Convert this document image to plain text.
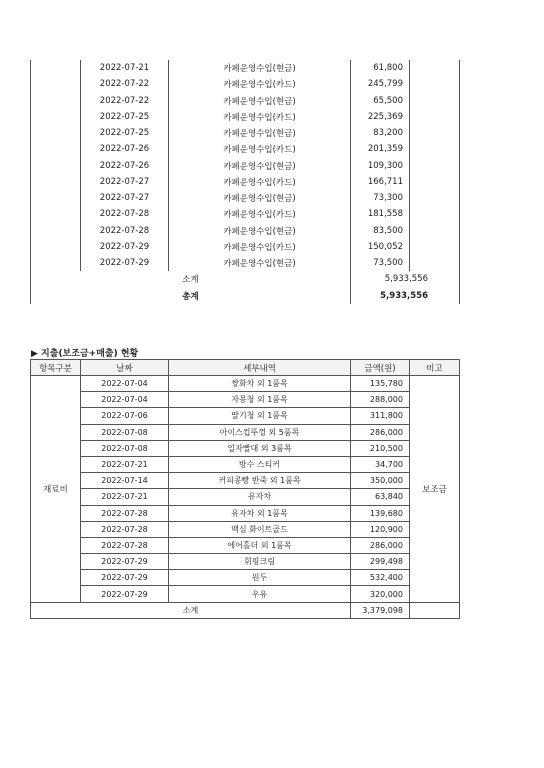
	2022-07-21	카페운영수입(현금)	61,800	
	2022-07-22	카페운영수입(카드)	245,799	
	2022-07-22	카페운영수입(현금)	65,500	
	2022-07-25	카페운영수입(카드)	225,369	
	2022-07-25	카페운영수입(현금)	83,200	
	2022-07-26	카페운영수입(카드)	201,359	
	2022-07-26	카페운영수입(현금)	109,300	
	2022-07-27	카페운영수입(카드)	166,711	
	2022-07-27	카페운영수입(현금)	73,300	
	2022-07-28	카페운영수입(카드)	181,558	
	2022-07-28	카페운영수입(현금)	83,500	
	2022-07-29	카페운영수입(카드)	150,052	
	2022-07-29	카페운영수입(현금)	73,500	
소계			5,933,556	
총계			5,933,556	
▶ 지출(보조금+매출) 현황
항목구분	날짜	세부내역	금액(원)	비고
재료비	2022-07-04	쌍화차 외 1품목	135,780	보조금
	2022-07-04	자몽청 외 1품목	288,000	
	2022-07-06	딸기청 외 1품목	311,800	
	2022-07-08	아이스컵뚜껑 외 5품목	286,000	
	2022-07-08	일자빨대 외 3품목	210,500	
	2022-07-21	방수 스티커	34,700	
	2022-07-14	커피콩빵 반죽 외 1품목	350,000	
	2022-07-21	유자차	63,840	
	2022-07-28	유자차 외 1품목	139,680	
	2022-07-28	맥심 화이트골드	120,900	
	2022-07-28	에어홀더 외 1품목	286,000	
	2022-07-29	휘핑크림	299,498	
	2022-07-29	원두	532,400	
	2022-07-29	우유	320,000	
소계			3,379,098	
